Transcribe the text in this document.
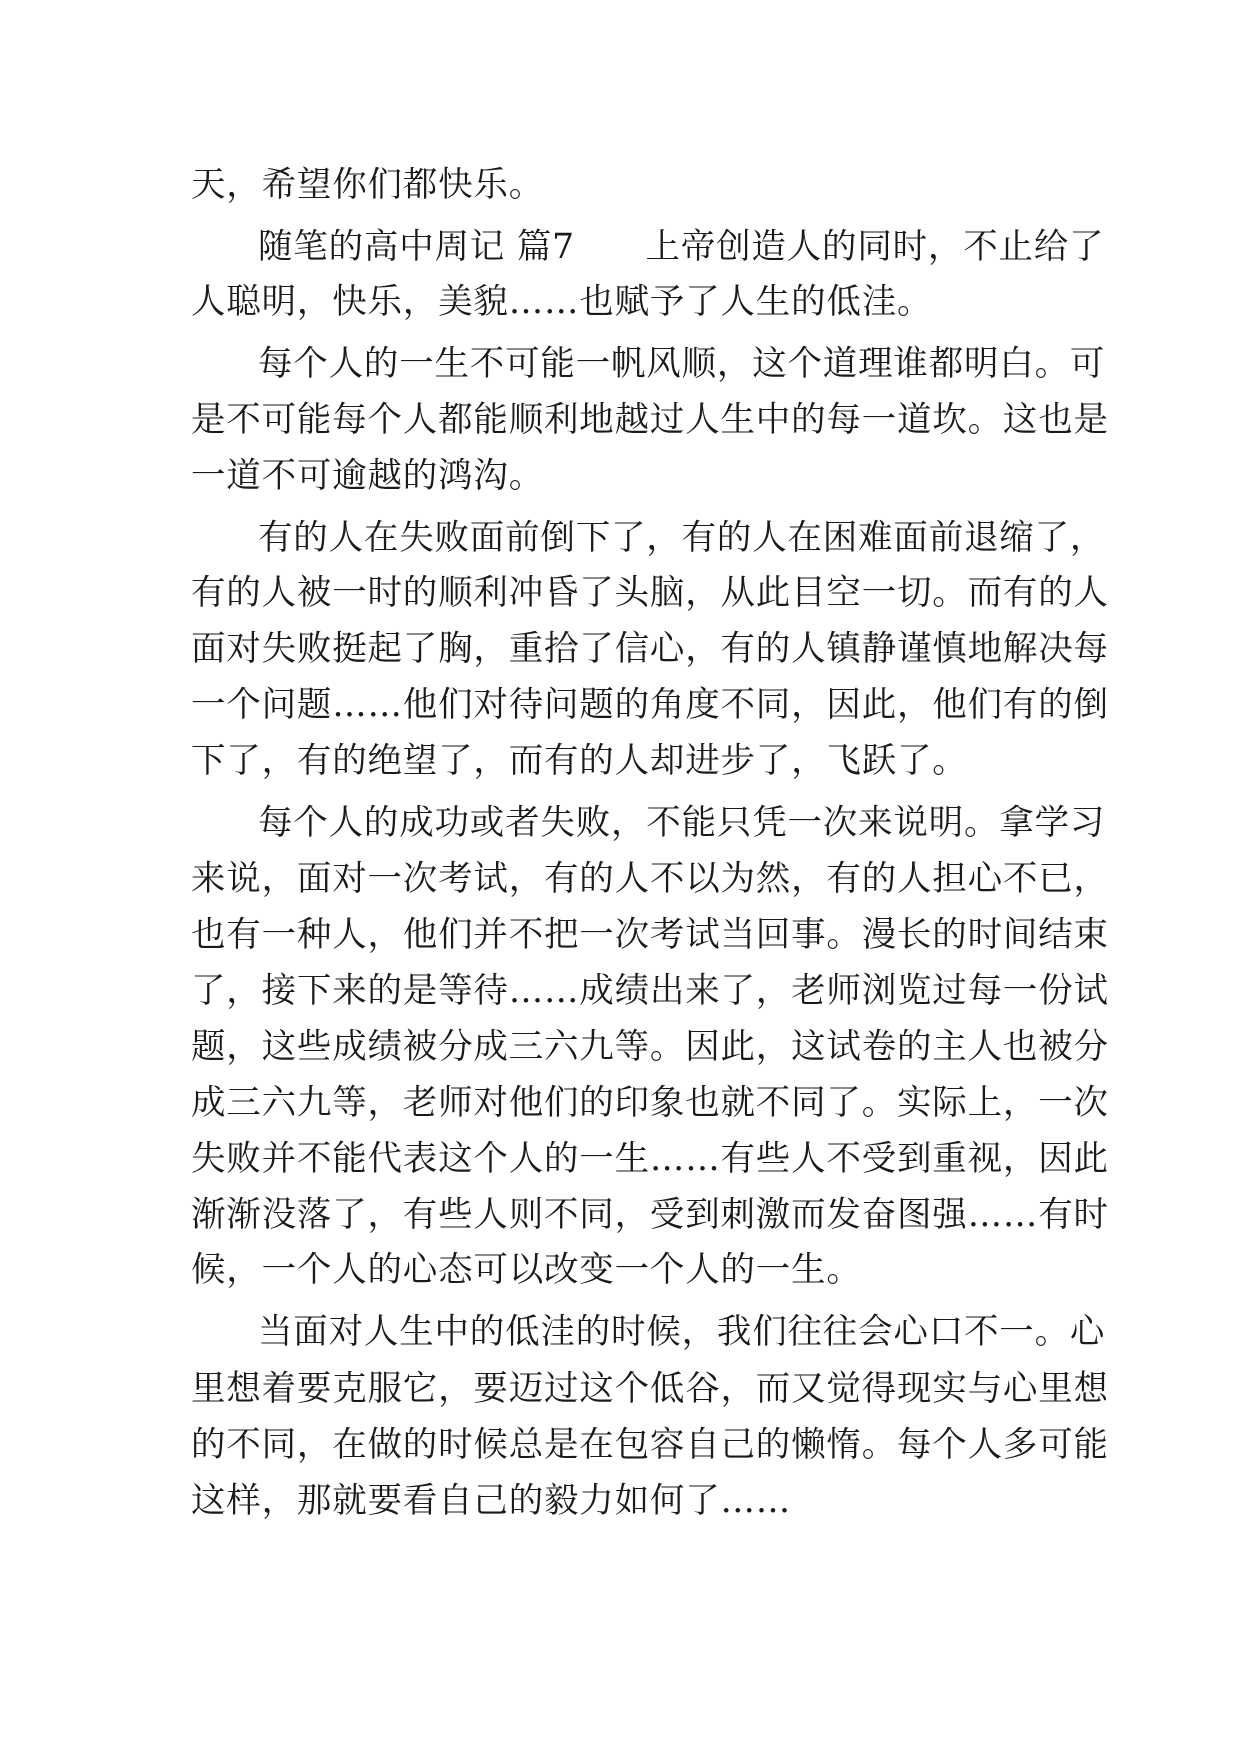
天，希望你们都快乐。
随笔的高中周记 篇7　　上帝创造人的同时，不止给了
人聪明，快乐，美貌……也赋予了人生的低洼。
每个人的一生不可能一帆风顺，这个道理谁都明白。可
是不可能每个人都能顺利地越过人生中的每一道坎。这也是
一道不可逾越的鸿沟。
有的人在失败面前倒下了，有的人在困难面前退缩了，
有的人被一时的顺利冲昏了头脑，从此目空一切。而有的人
面对失败挺起了胸，重拾了信心，有的人镇静谨慎地解决每
一个问题……他们对待问题的角度不同，因此，他们有的倒
下了，有的绝望了，而有的人却进步了，飞跃了。
每个人的成功或者失败，不能只凭一次来说明。拿学习
来说，面对一次考试，有的人不以为然，有的人担心不已，
也有一种人，他们并不把一次考试当回事。漫长的时间结束
了，接下来的是等待……成绩出来了，老师浏览过每一份试
题，这些成绩被分成三六九等。因此，这试卷的主人也被分
成三六九等，老师对他们的印象也就不同了。实际上，一次
失败并不能代表这个人的一生……有些人不受到重视，因此
渐渐没落了，有些人则不同，受到刺激而发奋图强……有时
候，一个人的心态可以改变一个人的一生。
当面对人生中的低洼的时候，我们往往会心口不一。心
里想着要克服它，要迈过这个低谷，而又觉得现实与心里想
的不同，在做的时候总是在包容自己的懒惰。每个人多可能
这样，那就要看自己的毅力如何了……
